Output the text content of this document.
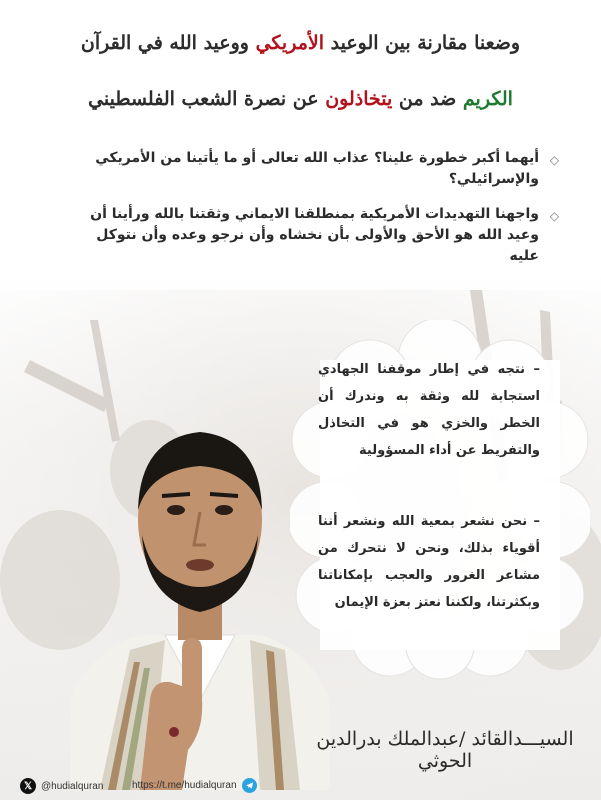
وضعنا مقارنة بين الوعيد الأمريكي ووعيد الله في القرآن
الكريم ضد من يتخاذلون عن نصرة الشعب الفلسطيني
◇
أيهما أكبر خطورة علينا؟ عذاب الله تعالى أو ما يأتينا من الأمريكي والإسرائيلي؟
◇
واجهنا التهديدات الأمريكية بمنطلقنا الايماني وثقتنا بالله ورأينا أن وعيد الله هو الأحق والأولى بأن نخشاه وأن نرجو وعده وأن نتوكل عليه
– نتجه في إطار موقفنا الجهادي استجابة لله وثقة به وندرك أن الخطر والخزي هو في التخاذل والتفريط عن أداء المسؤولية
– نحن نشعر بمعية الله ونشعر أننا أقوياء بذلك، ونحن لا نتحرك من مشاعر الغرور والعجب بإمكاناتنا وبكثرتنا، ولكننا نعتز بعزة الإيمان
السيـــدالقائد /عبدالملك بدرالدين الحوثي
𝕏 @hudialquran	https://t.me/hudialquran
